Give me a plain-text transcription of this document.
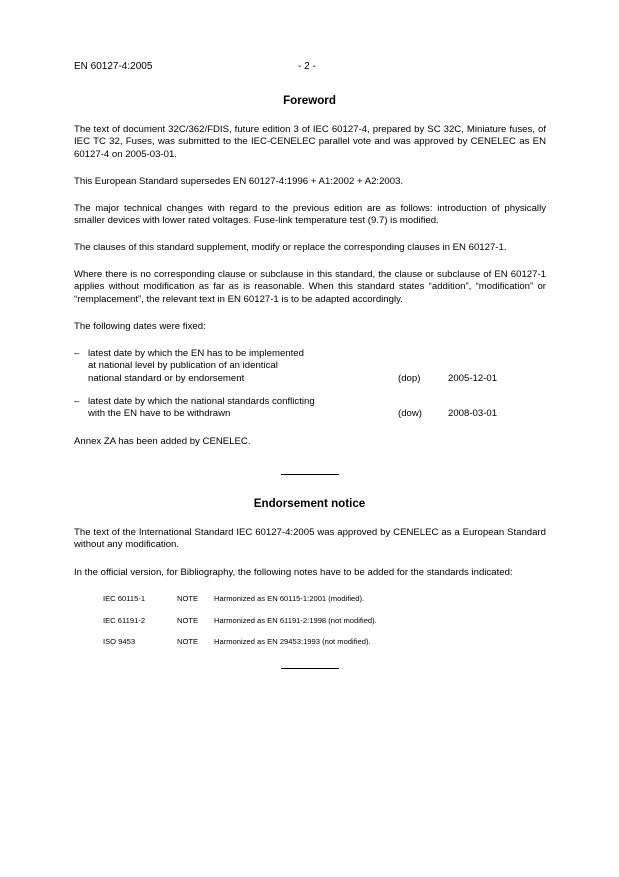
EN 60127-4:2005	- 2 -
Foreword

The text of document 32C/362/FDIS, future edition 3 of IEC 60127-4, prepared by SC 32C, Miniature fuses, of IEC TC 32, Fuses, was submitted to the IEC-CENELEC parallel vote and was approved by CENELEC as EN 60127-4 on 2005-03-01.

This European Standard supersedes EN 60127-4:1996 + A1:2002 + A2:2003.

The major technical changes with regard to the previous edition are as follows: introduction of physically smaller devices with lower rated voltages. Fuse-link temperature test (9.7) is modified.

The clauses of this standard supplement, modify or replace the corresponding clauses in EN 60127-1.

Where there is no corresponding clause or subclause in this standard, the clause or subclause of EN 60127-1 applies without modification as far as is reasonable. When this standard states “addition”, “modification” or “remplacement”, the relevant text in EN 60127-1 is to be adapted accordingly.

The following dates were fixed:

– latest date by which the EN has to be implemented
at national level by publication of an identical
national standard or by endorsement	(dop)	2005-12-01
– latest date by which the national standards conflicting
with the EN have to be withdrawn	(dow)	2008-03-01

Annex ZA has been added by CENELEC.

Endorsement notice

The text of the International Standard IEC 60127-4:2005 was approved by CENELEC as a European Standard without any modification.

In the official version, for Bibliography, the following notes have to be added for the standards indicated:

IEC 60115-1	NOTE Harmonized as EN 60115-1:2001 (modified).
IEC 61191-2	NOTE Harmonized as EN 61191-2:1998 (not modified).
ISO 9453	NOTE Harmonized as EN 29453:1993 (not modified).
